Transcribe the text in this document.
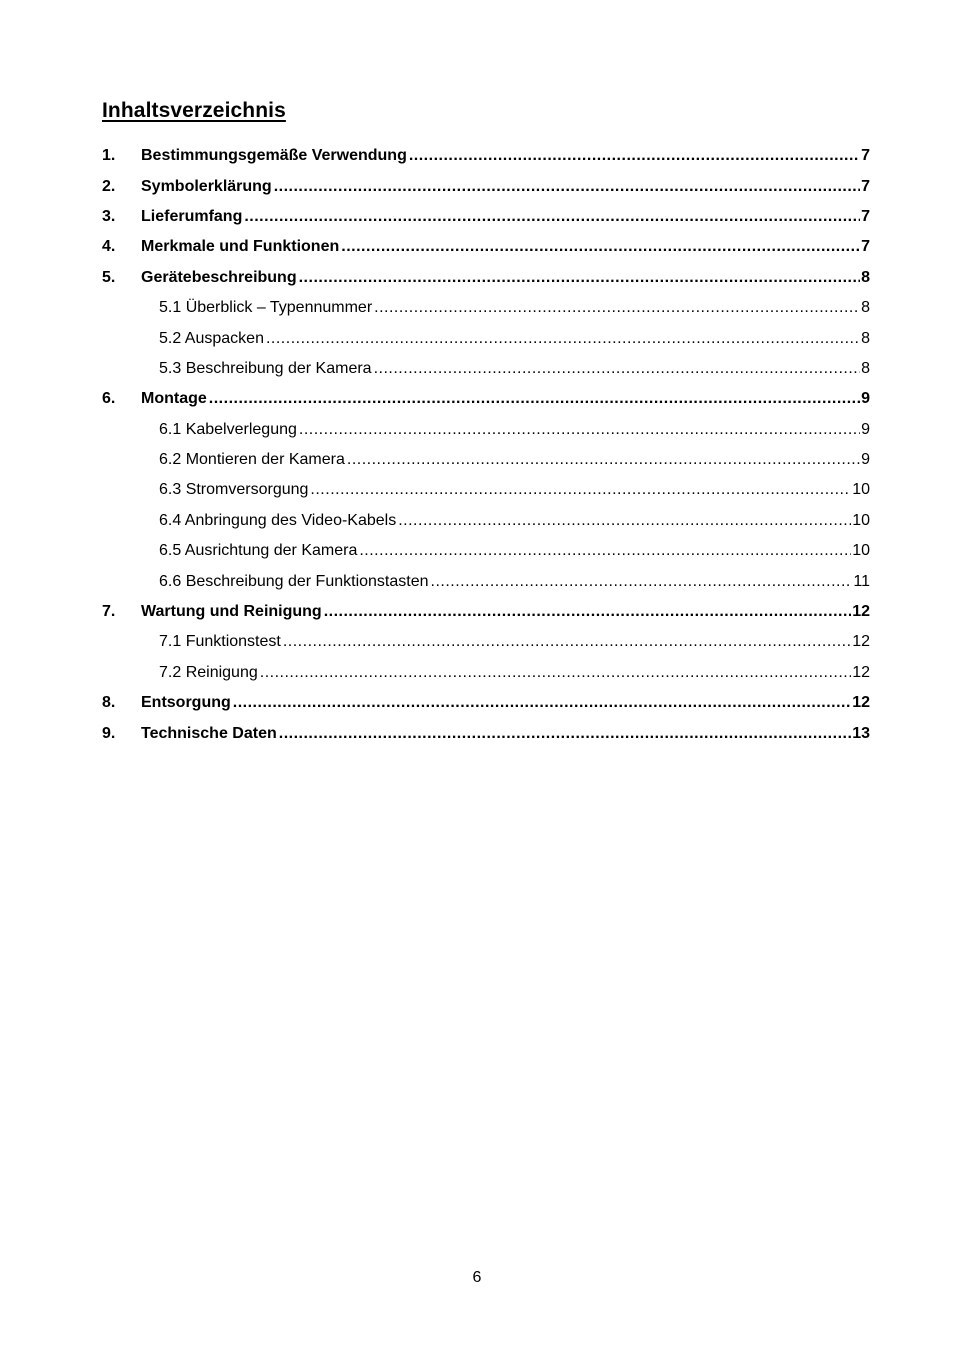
Inhaltsverzeichnis
1.	Bestimmungsgemäße Verwendung .....	7
2.	Symbolerklärung .....	7
3.	Lieferumfang .....	7
4.	Merkmale und Funktionen .....	7
5.	Gerätebeschreibung .....	8
5.1 Überblick – Typennummer .....	8
5.2 Auspacken .....	8
5.3 Beschreibung der Kamera .....	8
6.	Montage .....	9
6.1 Kabelverlegung .....	9
6.2 Montieren der Kamera .....	9
6.3 Stromversorgung .....	10
6.4 Anbringung des Video-Kabels .....	10
6.5 Ausrichtung der Kamera .....	10
6.6 Beschreibung der Funktionstasten .....	11
7.	Wartung und Reinigung .....	12
7.1 Funktionstest .....	12
7.2 Reinigung .....	12
8.	Entsorgung .....	12
9.	Technische Daten .....	13
6
